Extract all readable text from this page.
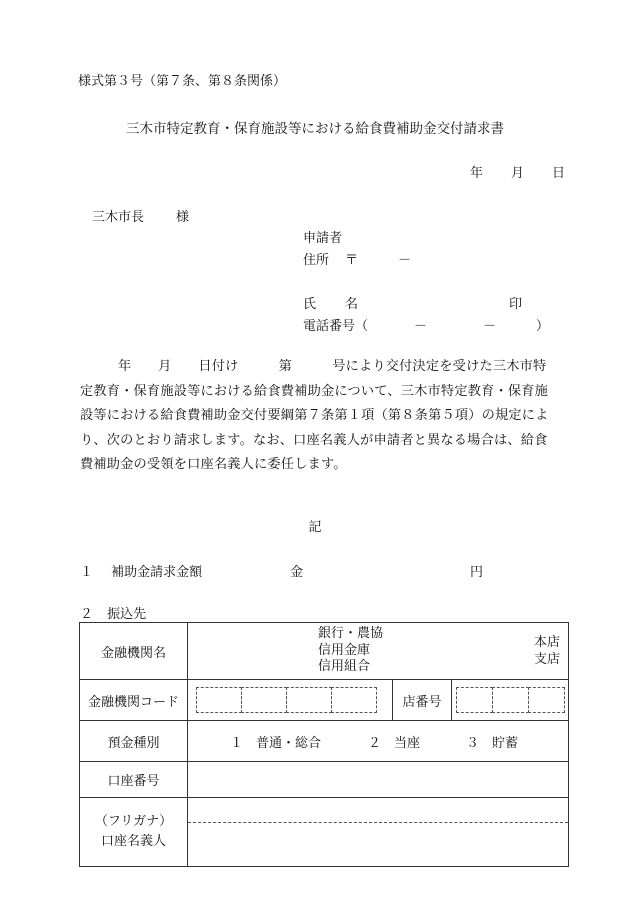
様式第３号（第７条、第８条関係）
三木市特定教育・保育施設等における給食費補助金交付請求書
年 月 日
三木市長 様
申請者
住所 〒	－
氏 名	印
電話番号（	－	－	）
年　　月　　日付け　　　第　　　号により交付決定を受けた三木市特
定教育・保育施設等における給食費補助金について、三木市特定教育・保育施
設等における給食費補助金交付要綱第７条第１項（第８条第５項）の規定によ
り、次のとおり請求します。なお、口座名義人が申請者と異なる場合は、給食
費補助金の受領を口座名義人に委任します。
記
１ 補助金請求金額	金	円
２ 振込先
金融機関名	銀行・農協
信用金庫
信用組合
本店
支店		

金融機関コード		店番号	

預金種別	１　普通・総合 ２　当座 ３　貯蓄		

口座番号			

（フリガナ）
口座名義人			
